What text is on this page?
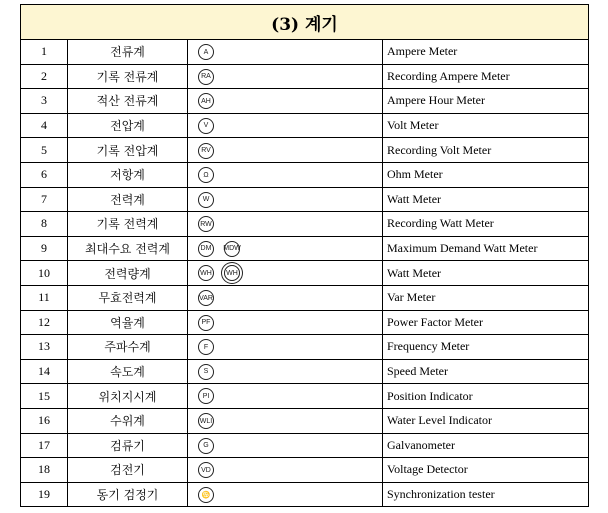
(3) 계기			
1	전류계	A	Ampere Meter
2	기록 전류계	RA	Recording Ampere Meter
3	적산 전류계	AH	Ampere Hour Meter
4	전압계	V	Volt Meter
5	기록 전압계	RV	Recording Volt Meter
6	저항계	Ω	Ohm Meter
7	전력계	W	Watt Meter
8	기록 전력계	RW	Recording Watt Meter
9	최대수요 전력계	DM MDW	Maximum Demand Watt Meter
10	전력량계	WH WH	Watt Meter
11	무효전력계	VAR	Var Meter
12	역율계	PF	Power Factor Meter
13	주파수계	F	Frequency Meter
14	속도계	S	Speed Meter
15	위치지시계	PI	Position Indicator
16	수위계	WLI	Water Level Indicator
17	검류기	G	Galvanometer
18	검전기	VD	Voltage Detector
19	동기 검정기	♋	Synchronization tester
